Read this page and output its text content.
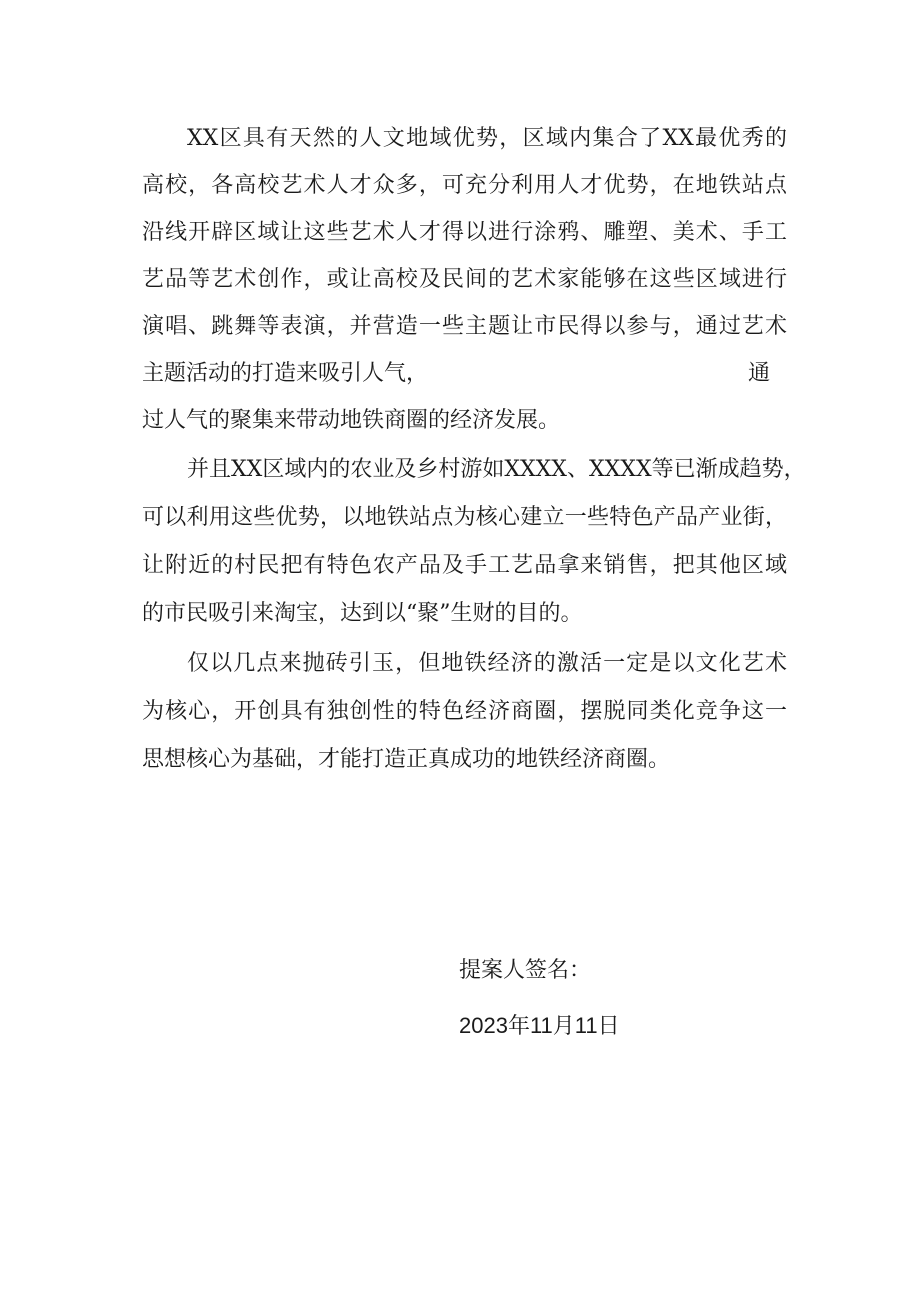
XX区具有天然的人文地域优势，区域内集合了XX最优秀的
高校，各高校艺术人才众多，可充分利用人才优势，在地铁站点
沿线开辟区域让这些艺术人才得以进行涂鸦、雕塑、美术、手工
艺品等艺术创作，或让高校及民间的艺术家能够在这些区域进行
演唱、跳舞等表演，并营造一些主题让市民得以参与，通过艺术
主题活动的打造来吸引人气，	通
过人气的聚集来带动地铁商圈的经济发展。
并且XX区域内的农业及乡村游如XXXX、XXXX等已渐成趋势，
可以利用这些优势，以地铁站点为核心建立一些特色产品产业街，
让附近的村民把有特色农产品及手工艺品拿来销售，把其他区域
的市民吸引来淘宝，达到以“聚”生财的目的。
仅以几点来抛砖引玉，但地铁经济的激活一定是以文化艺术
为核心，开创具有独创性的特色经济商圈，摆脱同类化竞争这一
思想核心为基础，才能打造正真成功的地铁经济商圈。
提案人签名：
2023年11月11日
